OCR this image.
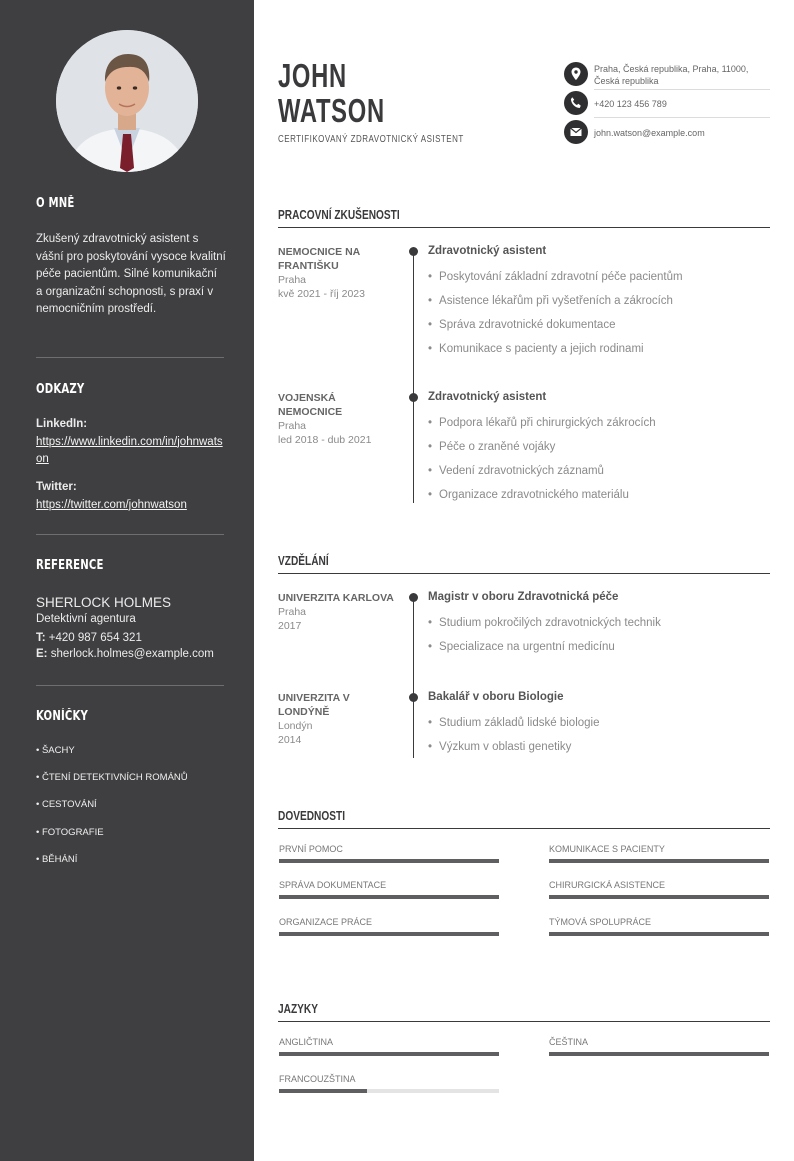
O MNĚ
Zkušený zdravotnický asistent s vášní pro poskytování vysoce kvalitní péče pacientům. Silné komunikační a organizační schopnosti, s praxí v nemocničním prostředí.
ODKAZY
LinkedIn:
https://www.linkedin.com/in/johnwatson
Twitter:
https://twitter.com/johnwatson
REFERENCE
SHERLOCK HOLMES
Detektivní agentura
T: +420 987 654 321
E: sherlock.holmes@example.com
KONÍČKY
• ŠACHY
• ČTENÍ DETEKTIVNÍCH ROMÁNŮ
• CESTOVÁNÍ
• FOTOGRAFIE
• BĚHÁNÍ
JOHN
WATSON
CERTIFIKOVANÝ ZDRAVOTNICKÝ ASISTENT
Praha, Česká republika, Praha, 11000, Česká republika
+420 123 456 789
john.watson@example.com
PRACOVNÍ ZKUŠENOSTI
NEMOCNICE NA FRANTIŠKU
Praha
kvě 2021 - říj 2023
Zdravotnický asistent
• Poskytování základní zdravotní péče pacientům
• Asistence lékařům při vyšetřeních a zákrocích
• Správa zdravotnické dokumentace
• Komunikace s pacienty a jejich rodinami
VOJENSKÁ NEMOCNICE
Praha
led 2018 - dub 2021
Zdravotnický asistent
• Podpora lékařů při chirurgických zákrocích
• Péče o zraněné vojáky
• Vedení zdravotnických záznamů
• Organizace zdravotnického materiálu
VZDĚLÁNÍ
UNIVERZITA KARLOVA
Praha
2017
Magistr v oboru Zdravotnická péče
• Studium pokročilých zdravotnických technik
• Specializace na urgentní medicínu
UNIVERZITA V LONDÝNĚ
Londýn
2014
Bakalář v oboru Biologie
• Studium základů lidské biologie
• Výzkum v oblasti genetiky
DOVEDNOSTI
PRVNÍ POMOC	KOMUNIKACE S PACIENTY
SPRÁVA DOKUMENTACE	CHIRURGICKÁ ASISTENCE
ORGANIZACE PRÁCE	TÝMOVÁ SPOLUPRÁCE
JAZYKY
ANGLIČTINA	ČEŠTINA
FRANCOUZŠTINA
